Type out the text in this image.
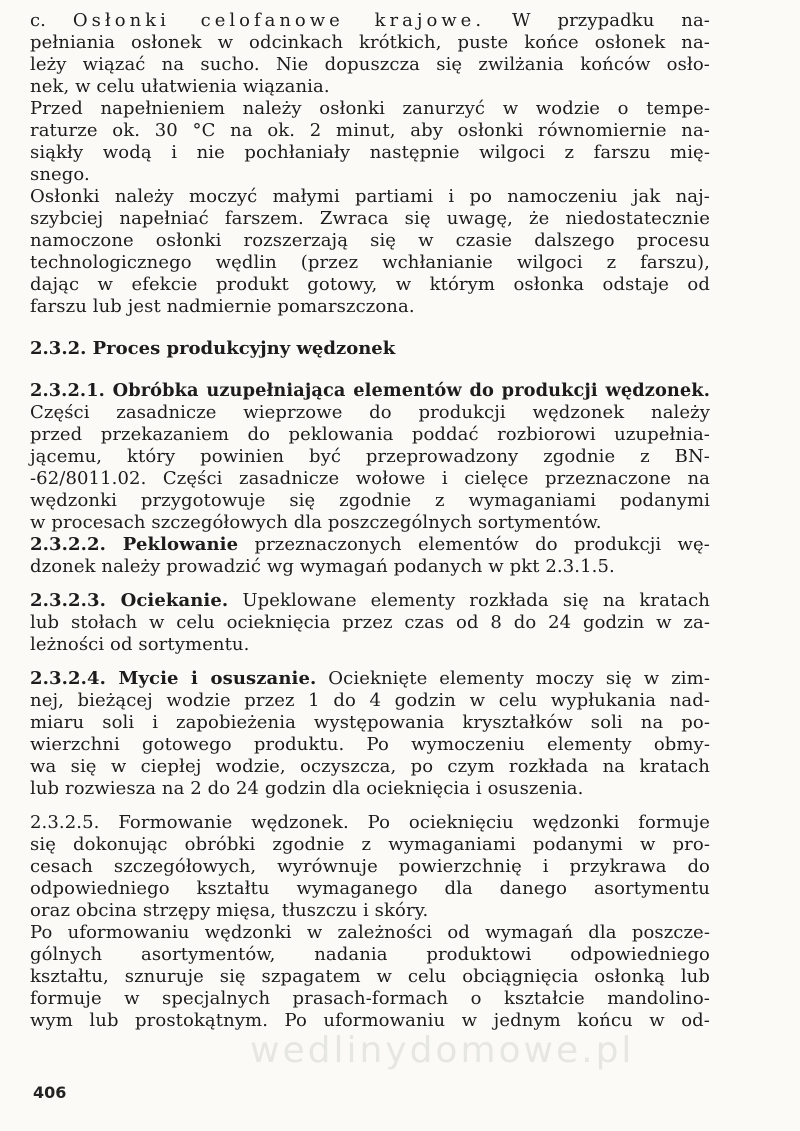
c. Osłonki celofanowe krajowe. W przypadku na-
pełniania osłonek w odcinkach krótkich, puste końce osłonek na-
leży wiązać na sucho. Nie dopuszcza się zwilżania końców osło-
nek, w celu ułatwienia wiązania.
Przed napełnieniem należy osłonki zanurzyć w wodzie o tempe-
raturze ok. 30 °C na ok. 2 minut, aby osłonki równomiernie na-
siąkły wodą i nie pochłaniały następnie wilgoci z farszu mię-
snego.
Osłonki należy moczyć małymi partiami i po namoczeniu jak naj-
szybciej napełniać farszem. Zwraca się uwagę, że niedostatecznie
namoczone osłonki rozszerzają się w czasie dalszego procesu
technologicznego wędlin (przez wchłanianie wilgoci z farszu),
dając w efekcie produkt gotowy, w którym osłonka odstaje od
farszu lub jest nadmiernie pomarszczona.
2.3.2. Proces produkcyjny wędzonek
2.3.2.1. Obróbka uzupełniająca elementów do produkcji wędzonek.
Części zasadnicze wieprzowe do produkcji wędzonek należy
przed przekazaniem do peklowania poddać rozbiorowi uzupełnia-
jącemu, który powinien być przeprowadzony zgodnie z BN-
-62/8011.02. Części zasadnicze wołowe i cielęce przeznaczone na
wędzonki przygotowuje się zgodnie z wymaganiami podanymi
w procesach szczegółowych dla poszczególnych sortymentów.
2.3.2.2. Peklowanie przeznaczonych elementów do produkcji wę-
dzonek należy prowadzić wg wymagań podanych w pkt 2.3.1.5.
2.3.2.3. Ociekanie. Upeklowane elementy rozkłada się na kratach
lub stołach w celu ocieknięcia przez czas od 8 do 24 godzin w za-
leżności od sortymentu.
2.3.2.4. Mycie i osuszanie. Ocieknięte elementy moczy się w zim-
nej, bieżącej wodzie przez 1 do 4 godzin w celu wypłukania nad-
miaru soli i zapobieżenia występowania kryształków soli na po-
wierzchni gotowego produktu. Po wymoczeniu elementy obmy-
wa się w ciepłej wodzie, oczyszcza, po czym rozkłada na kratach
lub rozwiesza na 2 do 24 godzin dla ocieknięcia i osuszenia.
2.3.2.5. Formowanie wędzonek. Po ocieknięciu wędzonki formuje
się dokonując obróbki zgodnie z wymaganiami podanymi w pro-
cesach szczegółowych, wyrównuje powierzchnię i przykrawa do
odpowiedniego kształtu wymaganego dla danego asortymentu
oraz obcina strzępy mięsa, tłuszczu i skóry.
Po uformowaniu wędzonki w zależności od wymagań dla poszcze-
gólnych asortymentów, nadania produktowi odpowiedniego
kształtu, sznuruje się szpagatem w celu obciągnięcia osłonką lub
formuje w specjalnych prasach-formach o kształcie mandolino-
wym lub prostokątnym. Po uformowaniu w jednym końcu w od-
wedlinydomowe.pl
406
